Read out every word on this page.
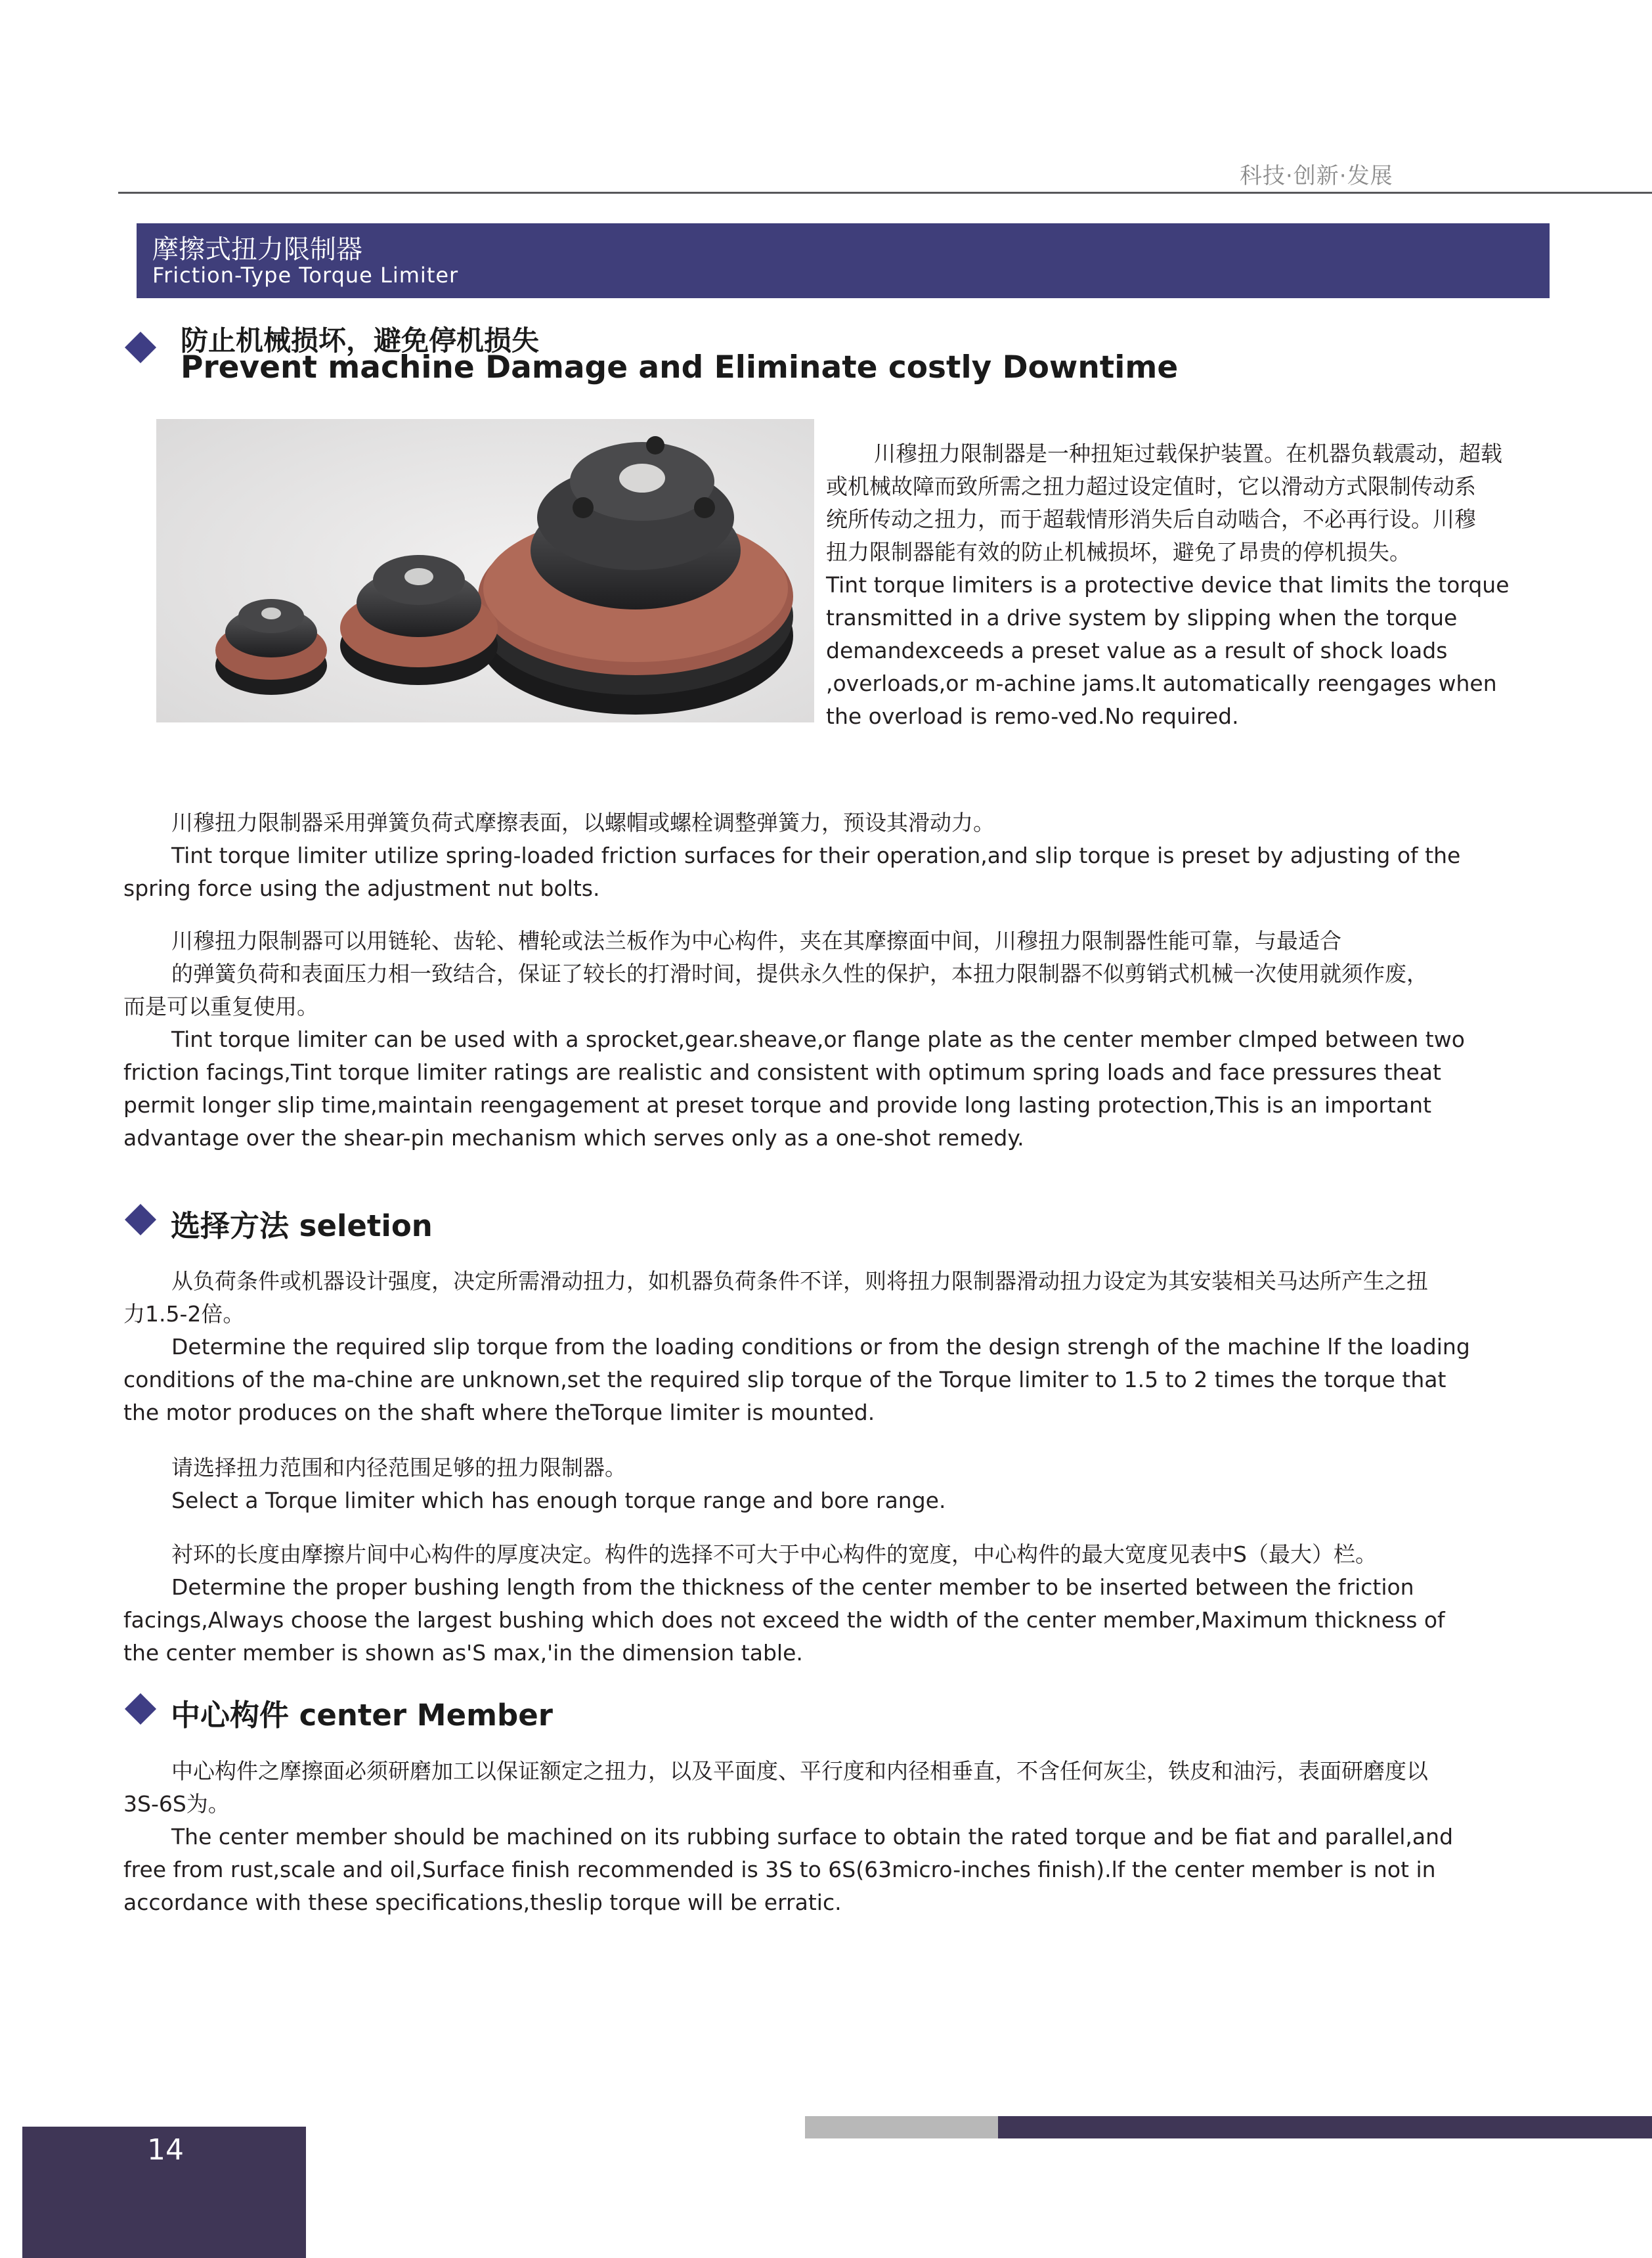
科技·创新·发展
摩擦式扭力限制器
Friction-Type Torque Limiter
防止机械损坏，避免停机损失
Prevent machine Damage and Eliminate costly Downtime

川穆扭力限制器是一种扭矩过载保护装置。在机器负载震动，超载

或机械故障而致所需之扭力超过设定值时，它以滑动方式限制传动系

统所传动之扭力，而于超载情形消失后自动啮合，不必再行设。川穆

扭力限制器能有效的防止机械损坏，避免了昂贵的停机损失。

Tint torque limiters is a protective device that limits the torque

transmitted in a drive system by slipping when the torque

demandexceeds a preset value as a result of shock loads

,overloads,or m-achine jams.lt automatically reengages when

the overload is remo-ved.No required.

川穆扭力限制器采用弹簧负荷式摩擦表面，以螺帽或螺栓调整弹簧力，预设其滑动力。

Tint torque limiter utilize spring-loaded friction surfaces for their operation,and slip torque is preset by adjusting of the

spring force using the adjustment nut bolts.

川穆扭力限制器可以用链轮、齿轮、槽轮或法兰板作为中心构件，夹在其摩擦面中间，川穆扭力限制器性能可靠，与最适合

的弹簧负荷和表面压力相一致结合，保证了较长的打滑时间，提供永久性的保护，本扭力限制器不似剪销式机械一次使用就须作废，

而是可以重复使用。

Tint torque limiter can be used with a sprocket,gear.sheave,or flange plate as the center member clmped between two

friction facings,Tint torque limiter ratings are realistic and consistent with optimum spring loads and face pressures theat

permit longer slip time,maintain reengagement at preset torque and provide long lasting protection,This is an important

advantage over the shear-pin mechanism which serves only as a one-shot remedy.

选择方法 seletion

从负荷条件或机器设计强度，决定所需滑动扭力，如机器负荷条件不详，则将扭力限制器滑动扭力设定为其安装相关马达所产生之扭

力1.5-2倍。

Determine the required slip torque from the loading conditions or from the design strengh of the machine lf the loading

conditions of the ma-chine are unknown,set the required slip torque of the Torque limiter to 1.5 to 2 times the torque that

the motor produces on the shaft where theTorque limiter is mounted.

请选择扭力范围和内径范围足够的扭力限制器。

Select a Torque limiter which has enough torque range and bore range.

衬环的长度由摩擦片间中心构件的厚度决定。构件的选择不可大于中心构件的宽度，中心构件的最大宽度见表中S（最大）栏。

Determine the proper bushing length from the thickness of the center member to be inserted between the friction

facings,Always choose the largest bushing which does not exceed the width of the center member,Maximum thickness of

the center member is shown as'S max,'in the dimension table.

中心构件 center Member

中心构件之摩擦面必须研磨加工以保证额定之扭力，以及平面度、平行度和内径相垂直，不含任何灰尘，铁皮和油污，表面研磨度以

3S-6S为。

The center member should be machined on its rubbing surface to obtain the rated torque and be fiat and parallel,and

free from rust,scale and oil,Surface finish recommended is 3S to 6S(63micro-inches finish).lf the center member is not in

accordance with these specifications,theslip torque will be erratic.

14
